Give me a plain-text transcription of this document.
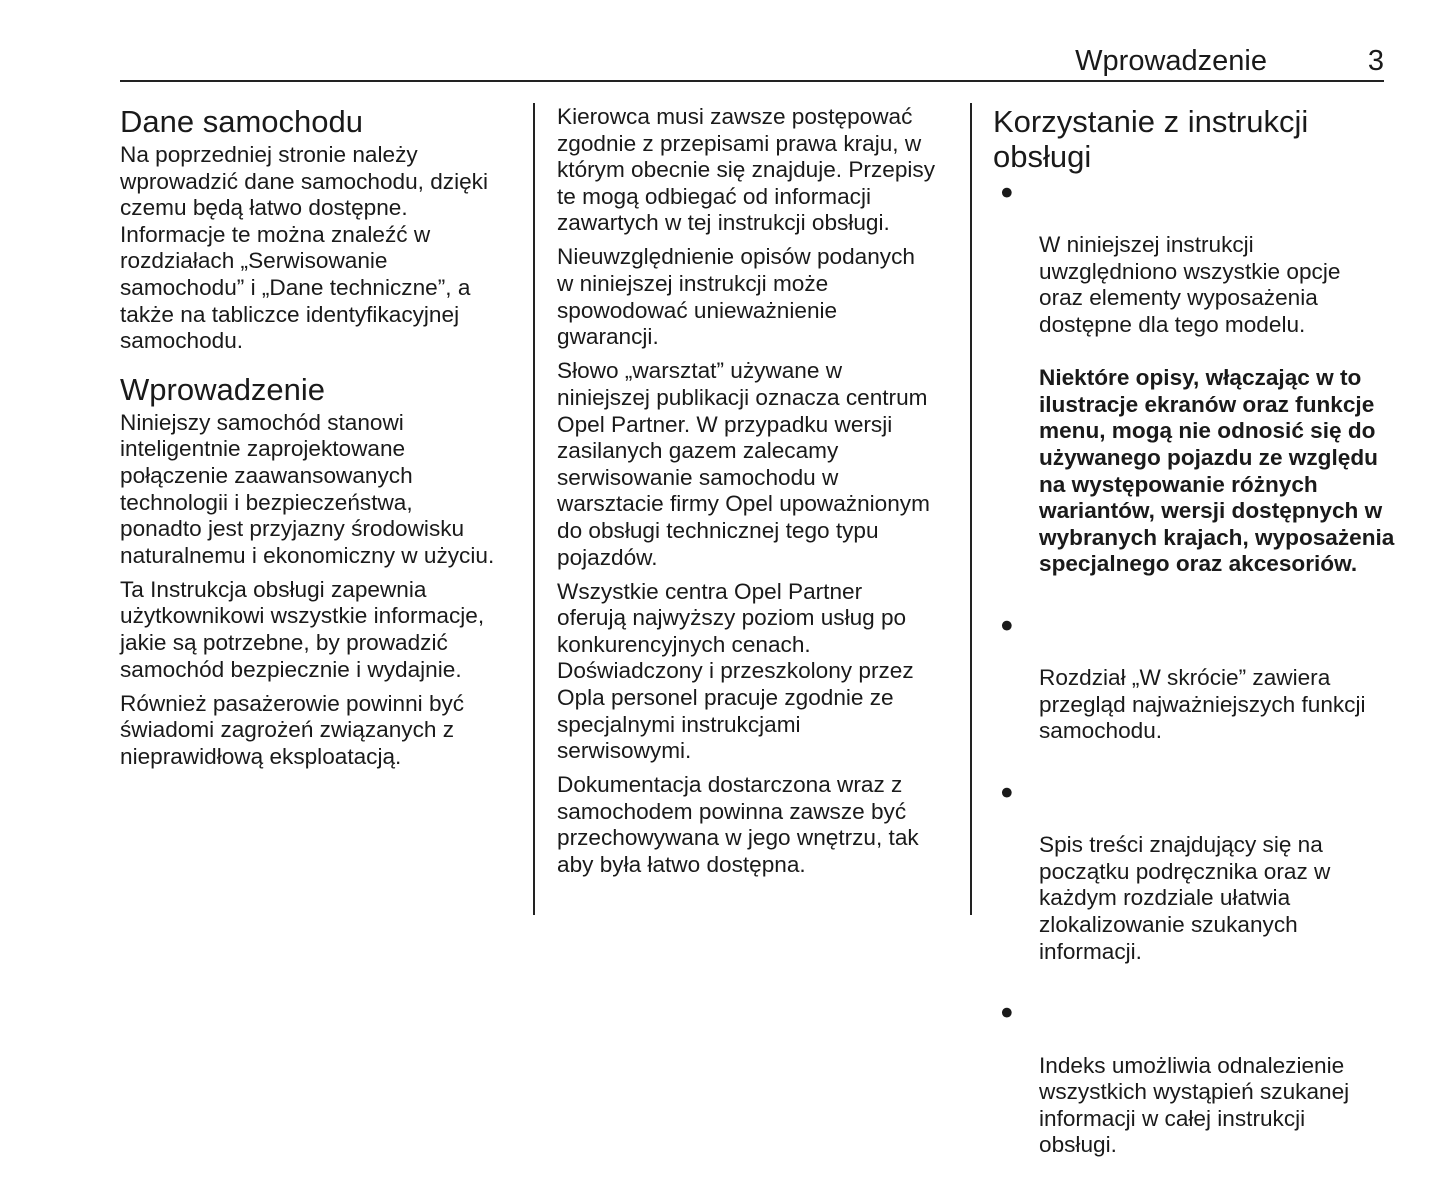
Wprowadzenie	3
Dane samochodu

Na poprzedniej stronie należy
wprowadzić dane samochodu, dzięki
czemu będą łatwo dostępne.
Informacje te można znaleźć w
rozdziałach „Serwisowanie
samochodu” i „Dane techniczne”, a
także na tabliczce identyfikacyjnej
samochodu.

Wprowadzenie

Niniejszy samochód stanowi
inteligentnie zaprojektowane
połączenie zaawansowanych
technologii i bezpieczeństwa,
ponadto jest przyjazny środowisku
naturalnemu i ekonomiczny w użyciu.

Ta Instrukcja obsługi zapewnia
użytkownikowi wszystkie informacje,
jakie są potrzebne, by prowadzić
samochód bezpiecznie i wydajnie.

Również pasażerowie powinni być
świadomi zagrożeń związanych z
nieprawidłową eksploatacją.

Kierowca musi zawsze postępować
zgodnie z przepisami prawa kraju, w
którym obecnie się znajduje. Przepisy
te mogą odbiegać od informacji
zawartych w tej instrukcji obsługi.

Nieuwzględnienie opisów podanych
w niniejszej instrukcji może
spowodować unieważnienie
gwarancji.

Słowo „warsztat” używane w
niniejszej publikacji oznacza centrum
Opel Partner. W przypadku wersji
zasilanych gazem zalecamy
serwisowanie samochodu w
warsztacie firmy Opel upoważnionym
do obsługi technicznej tego typu
pojazdów.

Wszystkie centra Opel Partner
oferują najwyższy poziom usług po
konkurencyjnych cenach.
Doświadczony i przeszkolony przez
Opla personel pracuje zgodnie ze
specjalnymi instrukcjami
serwisowymi.

Dokumentacja dostarczona wraz z
samochodem powinna zawsze być
przechowywana w jego wnętrzu, tak
aby była łatwo dostępna.

Korzystanie z instrukcji
obsługi

●

W niniejszej instrukcji
uwzględniono wszystkie opcje
oraz elementy wyposażenia
dostępne dla tego modelu.

Niektóre opisy, włączając w to
ilustracje ekranów oraz funkcje
menu, mogą nie odnosić się do
używanego pojazdu ze względu
na występowanie różnych
wariantów, wersji dostępnych w
wybranych krajach, wyposażenia
specjalnego oraz akcesoriów.

●

Rozdział „W skrócie” zawiera
przegląd najważniejszych funkcji
samochodu.

●

Spis treści znajdujący się na
początku podręcznika oraz w
każdym rozdziale ułatwia
zlokalizowanie szukanych
informacji.

●

Indeks umożliwia odnalezienie
wszystkich wystąpień szukanej
informacji w całej instrukcji
obsługi.
